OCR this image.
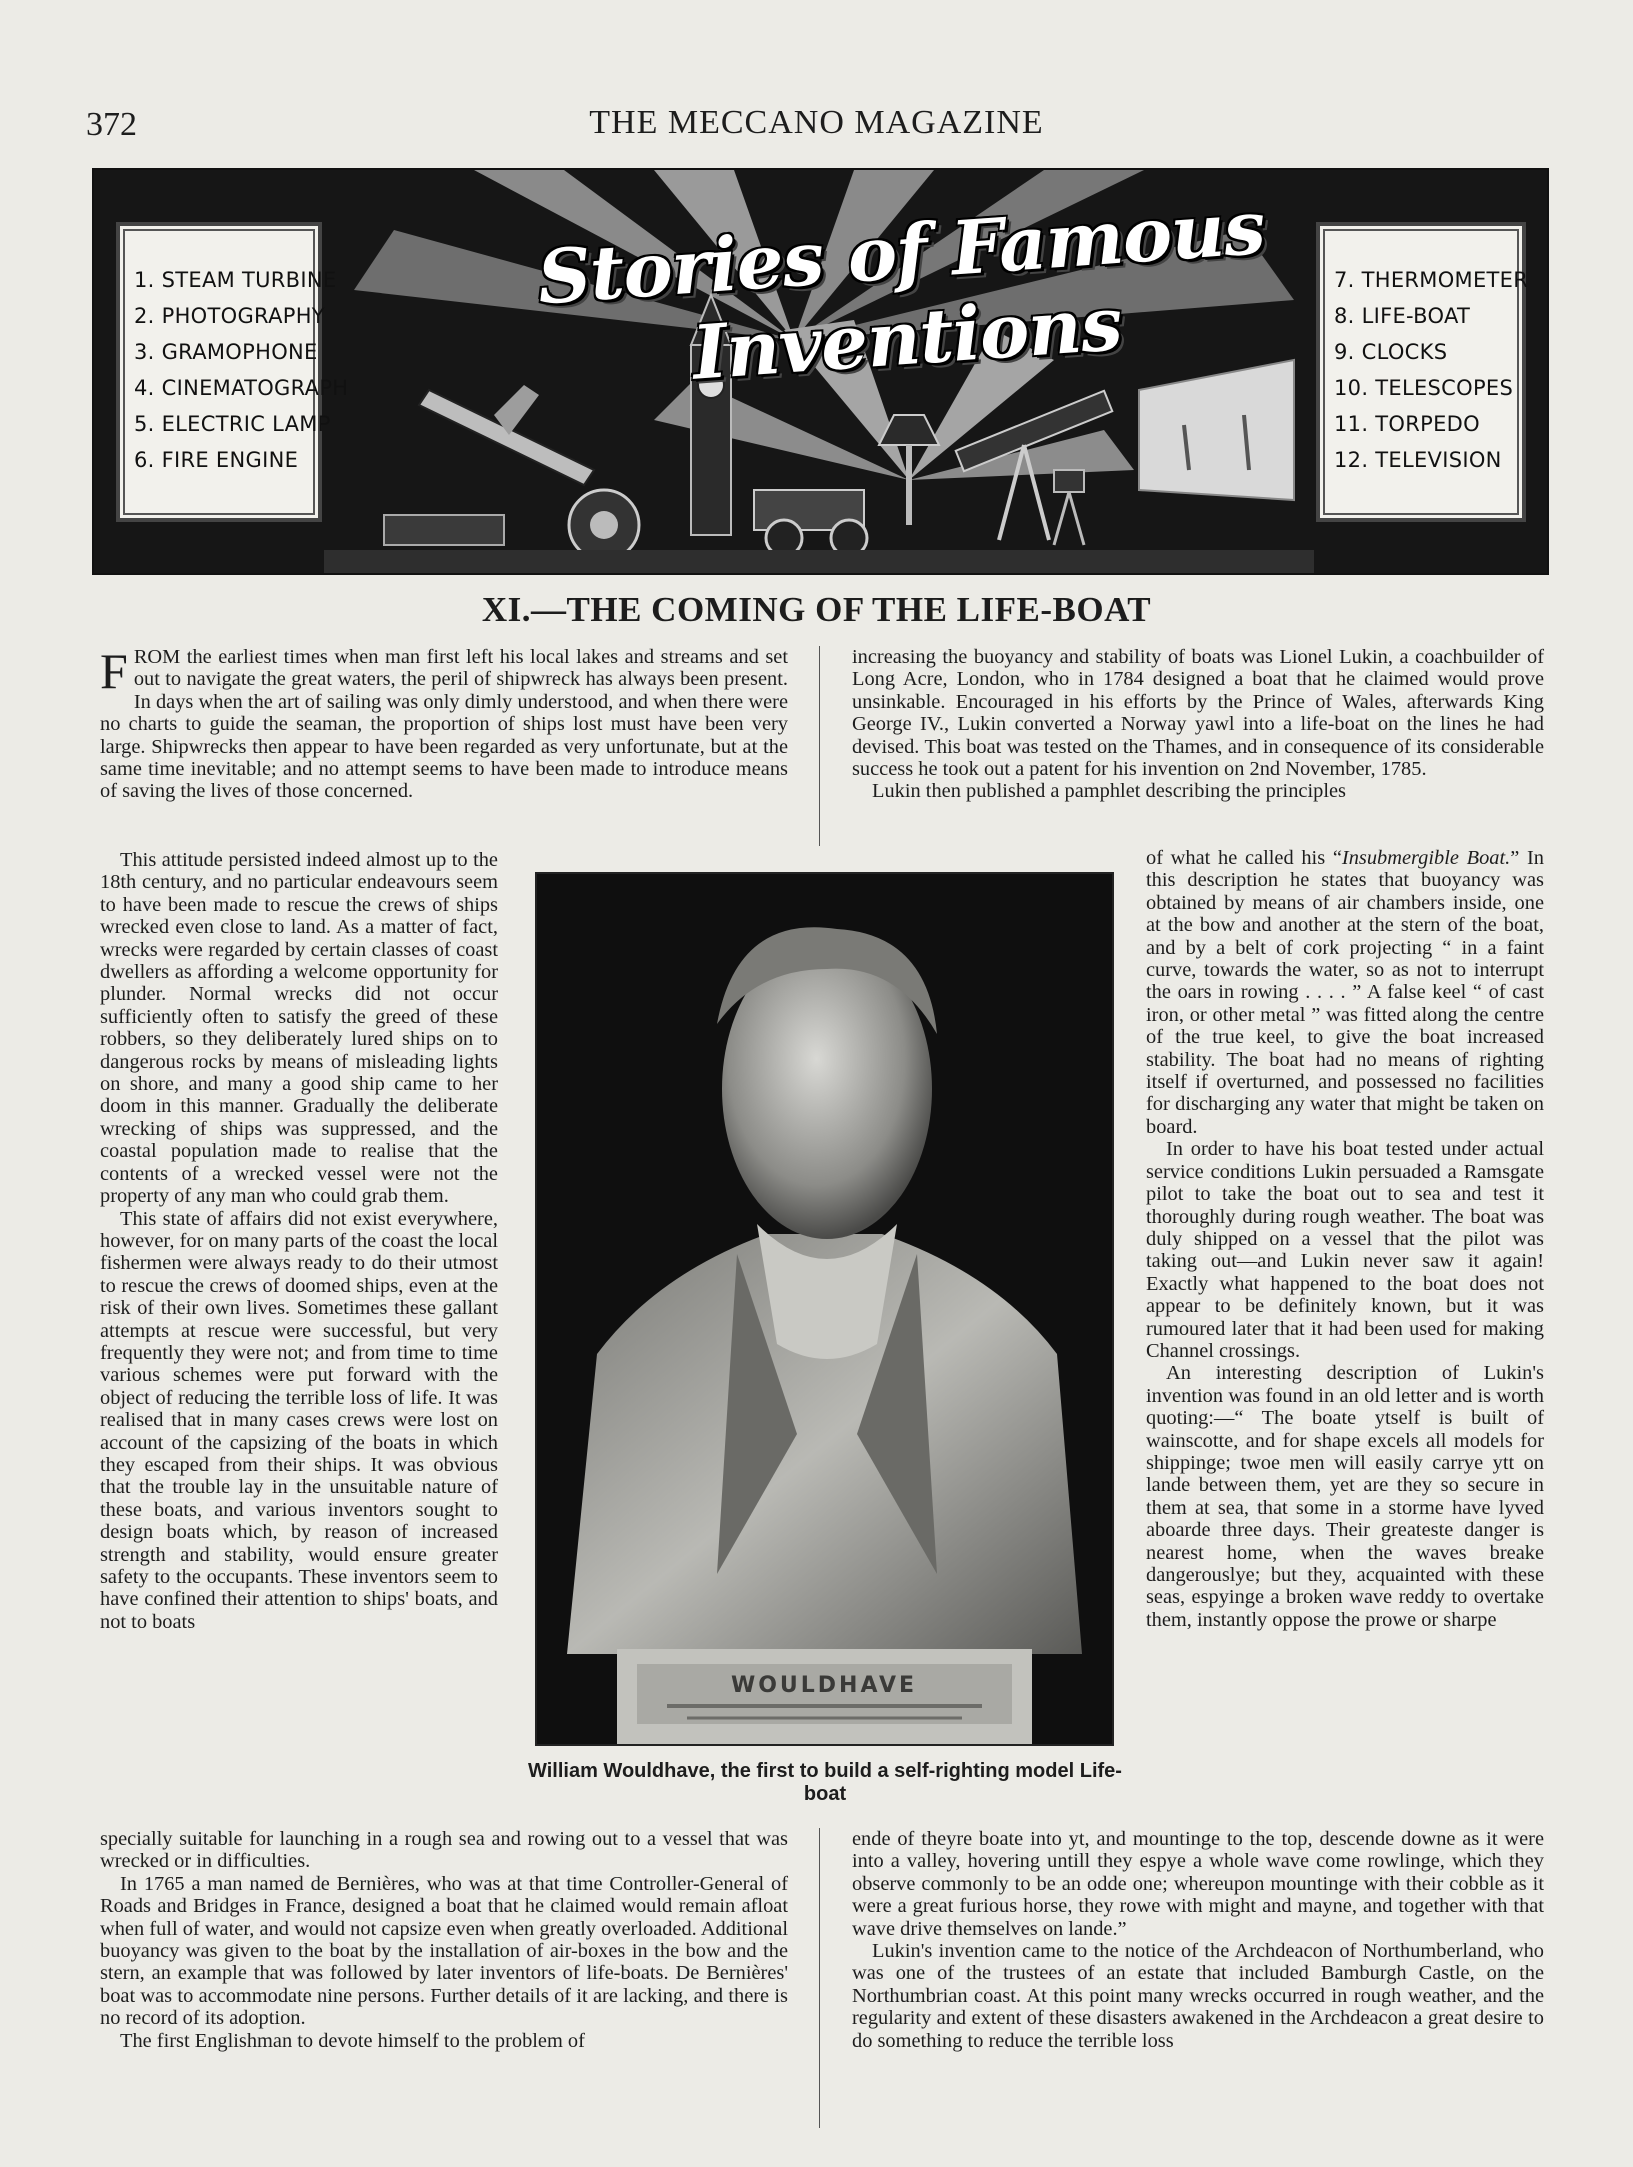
372	THE MECCANO MAGAZINE
Stories of Famous Inventions
1. STEAM TURBINE
2. PHOTOGRAPHY
3. GRAMOPHONE
4. CINEMATOGRAPH
5. ELECTRIC LAMP
6. FIRE ENGINE
7. THERMOMETER
8. LIFE-BOAT
9. CLOCKS
10. TELESCOPES
11. TORPEDO
12. TELEVISION
XI.—THE COMING OF THE LIFE-BOAT

FROM the earliest times when man first left his local lakes and streams and set out to navigate the great waters, the peril of shipwreck has always been present. In days when the art of sailing was only dimly understood, and when there were no charts to guide the seaman, the proportion of ships lost must have been very large. Shipwrecks then appear to have been regarded as very unfortunate, but at the same time inevitable; and no attempt seems to have been made to introduce means of saving the lives of those concerned.

This attitude persisted indeed almost up to the 18th century, and no particular endeavours seem to have been made to rescue the crews of ships wrecked even close to land. As a matter of fact, wrecks were regarded by certain classes of coast dwellers as affording a welcome opportunity for plunder. Normal wrecks did not occur sufficiently often to satisfy the greed of these robbers, so they deliberately lured ships on to dangerous rocks by means of misleading lights on shore, and many a good ship came to her doom in this manner. Gradually the deliberate wrecking of ships was suppressed, and the coastal population made to realise that the contents of a wrecked vessel were not the property of any man who could grab them.

This state of affairs did not exist everywhere, however, for on many parts of the coast the local fishermen were always ready to do their utmost to rescue the crews of doomed ships, even at the risk of their own lives. Sometimes these gallant attempts at rescue were successful, but very frequently they were not; and from time to time various schemes were put forward with the object of reducing the terrible loss of life. It was realised that in many cases crews were lost on account of the capsizing of the boats in which they escaped from their ships. It was obvious that the trouble lay in the unsuitable nature of these boats, and various inventors sought to design boats which, by reason of increased strength and stability, would ensure greater safety to the occupants. These inventors seem to have confined their attention to ships' boats, and not to boats

specially suitable for launching in a rough sea and rowing out to a vessel that was wrecked or in difficulties.

In 1765 a man named de Bernières, who was at that time Controller-General of Roads and Bridges in France, designed a boat that he claimed would remain afloat when full of water, and would not capsize even when greatly overloaded. Additional buoyancy was given to the boat by the installation of air-boxes in the bow and the stern, an example that was followed by later inventors of life-boats. De Bernières' boat was to accommodate nine persons. Further details of it are lacking, and there is no record of its adoption.

The first Englishman to devote himself to the problem of

increasing the buoyancy and stability of boats was Lionel Lukin, a coachbuilder of Long Acre, London, who in 1784 designed a boat that he claimed would prove unsinkable. Encouraged in his efforts by the Prince of Wales, afterwards King George IV., Lukin converted a Norway yawl into a life-boat on the lines he had devised. This boat was tested on the Thames, and in consequence of its considerable success he took out a patent for his invention on 2nd November, 1785.

Lukin then published a pamphlet describing the principles

of what he called his “Insubmergible Boat.” In this description he states that buoyancy was obtained by means of air chambers inside, one at the bow and another at the stern of the boat, and by a belt of cork projecting “ in a faint curve, towards the water, so as not to interrupt the oars in rowing . . . . ” A false keel “ of cast iron, or other metal ” was fitted along the centre of the true keel, to give the boat increased stability. The boat had no means of righting itself if overturned, and possessed no facilities for discharging any water that might be taken on board.

In order to have his boat tested under actual service conditions Lukin persuaded a Ramsgate pilot to take the boat out to sea and test it thoroughly during rough weather. The boat was duly shipped on a vessel that the pilot was taking out—and Lukin never saw it again! Exactly what happened to the boat does not appear to be definitely known, but it was rumoured later that it had been used for making Channel crossings.

An interesting description of Lukin's invention was found in an old letter and is worth quoting:—“ The boate ytself is built of wainscotte, and for shape excels all models for shippinge; twoe men will easily carrye ytt on lande between them, yet are they so secure in them at sea, that some in a storme have lyved aboarde three days. Their greateste danger is nearest home, when the waves breake dangerouslye; but they, acquainted with these seas, espyinge a broken wave reddy to overtake them, instantly oppose the prowe or sharpe

ende of theyre boate into yt, and mountinge to the top, descende downe as it were into a valley, hovering untill they espye a whole wave come rowlinge, which they observe commonly to be an odde one; whereupon mountinge with their cobble as it were a great furious horse, they rowe with might and mayne, and together with that wave drive themselves on lande.”

Lukin's invention came to the notice of the Archdeacon of Northumberland, who was one of the trustees of an estate that included Bamburgh Castle, on the Northumbrian coast. At this point many wrecks occurred in rough weather, and the regularity and extent of these disasters awakened in the Archdeacon a great desire to do something to reduce the terrible loss

WOULDHAVE
William Wouldhave, the first to build a self-righting model Life-boat
